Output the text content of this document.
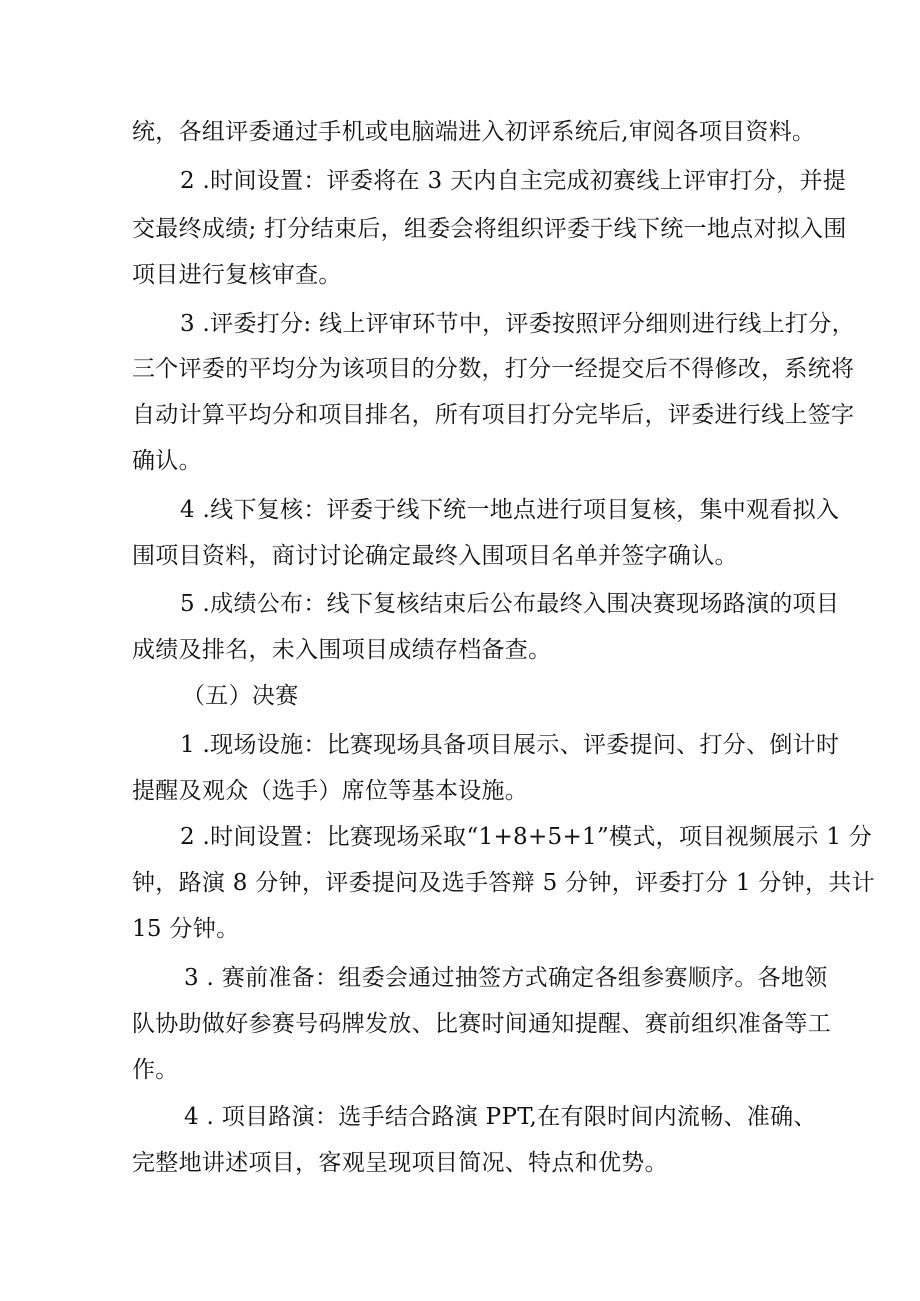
统，各组评委通过手机或电脑端进入初评系统后,审阅各项目资料。
2 .时间设置：评委将在 3 天内自主完成初赛线上评审打分，并提
交最终成绩; 打分结束后，组委会将组织评委于线下统一地点对拟入围
项目进行复核审查。
3 .评委打分: 线上评审环节中，评委按照评分细则进行线上打分，
三个评委的平均分为该项目的分数，打分一经提交后不得修改，系统将
自动计算平均分和项目排名，所有项目打分完毕后，评委进行线上签字
确认。
4 .线下复核：评委于线下统一地点进行项目复核，集中观看拟入
围项目资料，商讨讨论确定最终入围项目名单并签字确认。
5 .成绩公布：线下复核结束后公布最终入围决赛现场路演的项目
成绩及排名，未入围项目成绩存档备查。
（五）决赛
1 .现场设施：比赛现场具备项目展示、评委提问、打分、倒计时
提醒及观众（选手）席位等基本设施。
2 .时间设置：比赛现场采取“1+8+5+1”模式，项目视频展示 1 分
钟，路演 8 分钟，评委提问及选手答辩 5 分钟，评委打分 1 分钟，共计
15 分钟。
3 . 赛前准备：组委会通过抽签方式确定各组参赛顺序。各地领
队协助做好参赛号码牌发放、比赛时间通知提醒、赛前组织准备等工
作。
4 . 项目路演：选手结合路演 PPT,在有限时间内流畅、准确、
完整地讲述项目，客观呈现项目简况、特点和优势。
